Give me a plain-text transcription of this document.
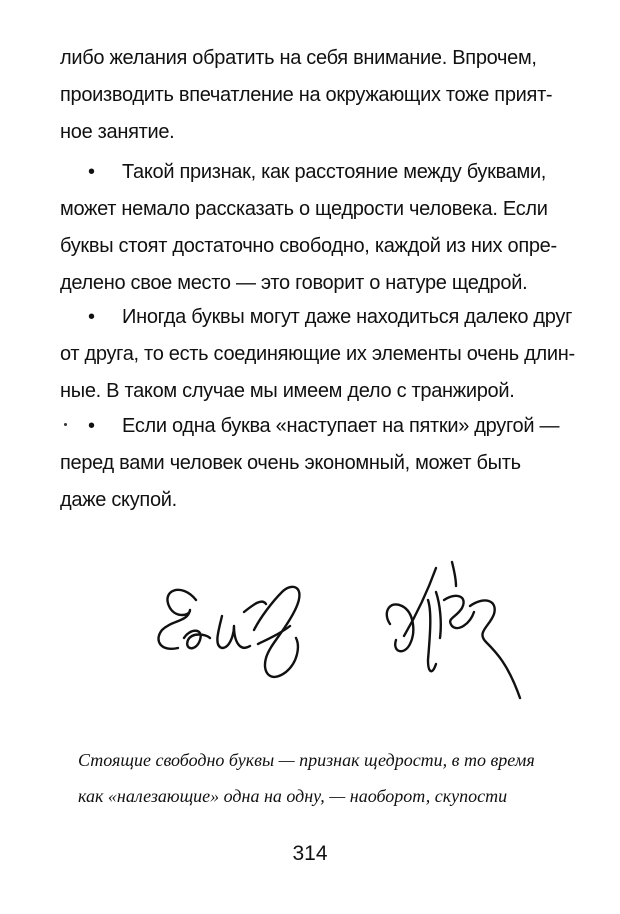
либо желания обратить на себя внимание. Впрочем,
производить впечатление на окружающих тоже прият-
ное занятие.
• Такой признак, как расстояние между буквами,
может немало рассказать о щедрости человека. Если
буквы стоят достаточно свободно, каждой из них опре-
делено свое место — это говорит о натуре щедрой.
• Иногда буквы могут даже находиться далеко друг
от друга, то есть соединяющие их элементы очень длин-
ные. В таком случае мы имеем дело с транжирой.
• Если одна буква «наступает на пятки» другой —
перед вами человек очень экономный, может быть
даже скупой.
Стоящие свободно буквы — признак щедрости, в то время
как «налезающие» одна на одну, — наоборот, скупости
314
